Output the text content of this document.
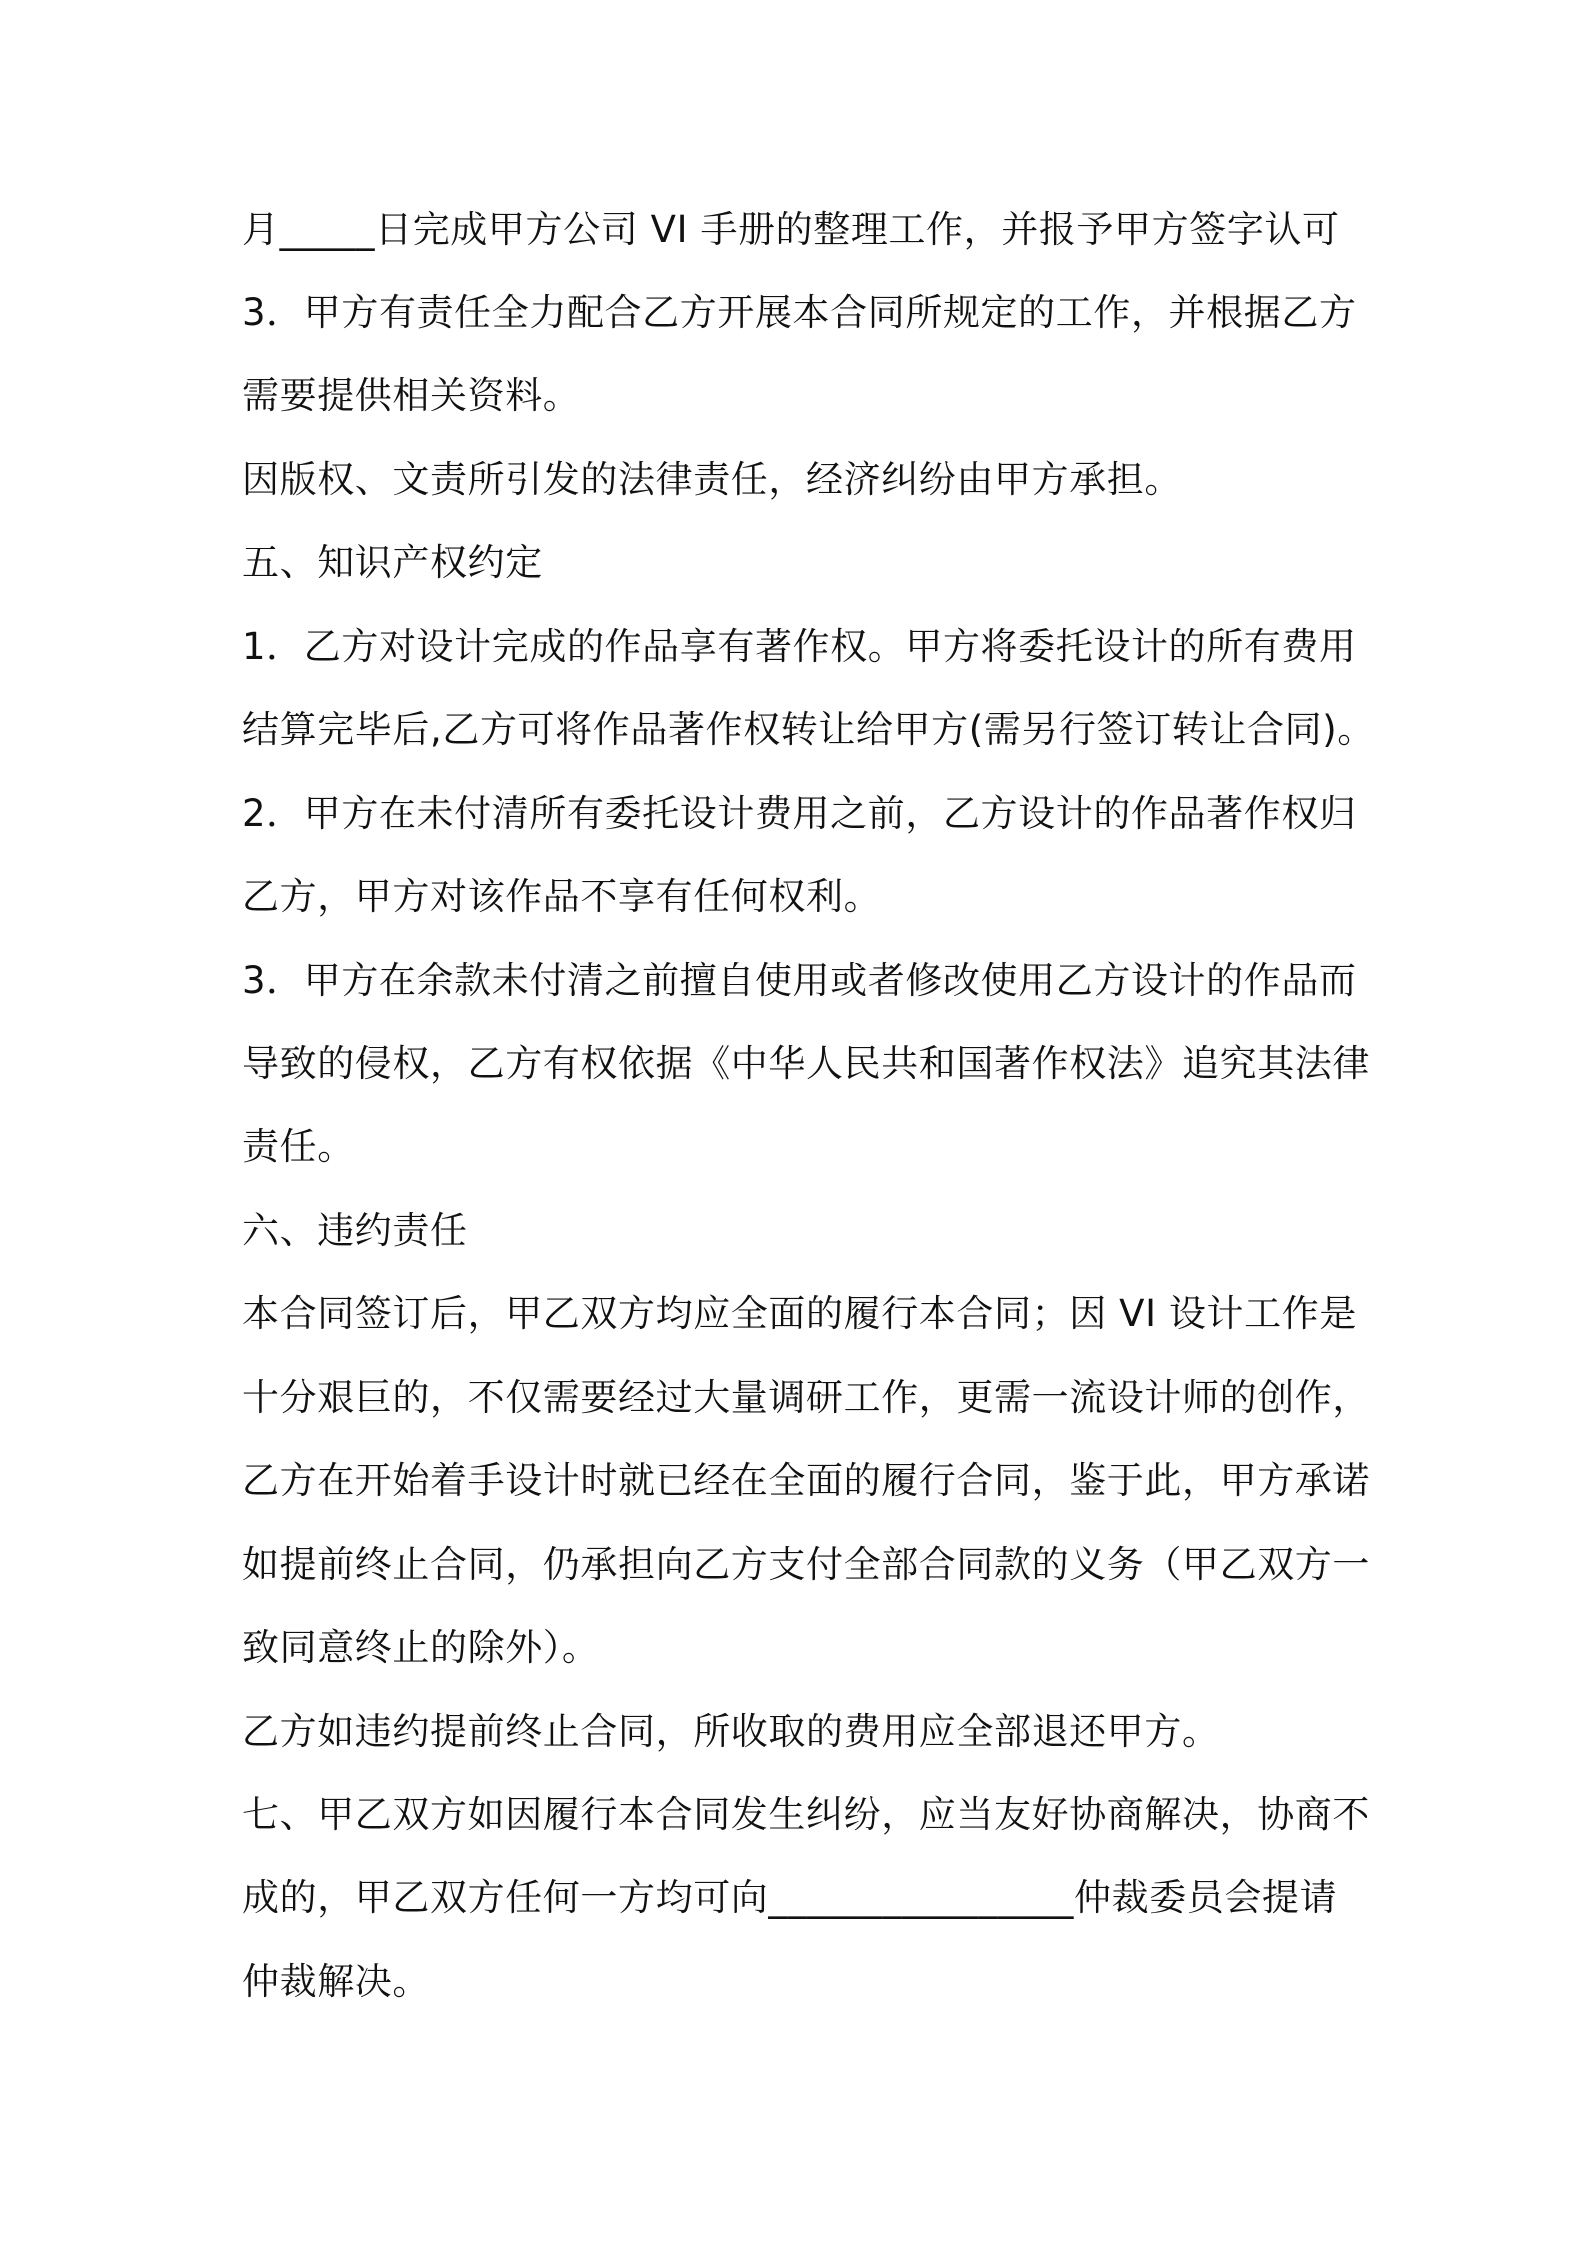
月_____日完成甲方公司 VI 手册的整理工作，并报予甲方签字认可
3．甲方有责任全力配合乙方开展本合同所规定的工作，并根据乙方
需要提供相关资料。
因版权、文责所引发的法律责任，经济纠纷由甲方承担。
五、知识产权约定
1．乙方对设计完成的作品享有著作权。甲方将委托设计的所有费用
结算完毕后,乙方可将作品著作权转让给甲方(需另行签订转让合同)。
2．甲方在未付清所有委托设计费用之前，乙方设计的作品著作权归
乙方，甲方对该作品不享有任何权利。
3．甲方在余款未付清之前擅自使用或者修改使用乙方设计的作品而
导致的侵权，乙方有权依据《中华人民共和国著作权法》追究其法律
责任。
六、违约责任
本合同签订后，甲乙双方均应全面的履行本合同；因 VI 设计工作是
十分艰巨的，不仅需要经过大量调研工作，更需一流设计师的创作，
乙方在开始着手设计时就已经在全面的履行合同，鉴于此，甲方承诺
如提前终止合同，仍承担向乙方支付全部合同款的义务（甲乙双方一
致同意终止的除外）。
乙方如违约提前终止合同，所收取的费用应全部退还甲方。
七、甲乙双方如因履行本合同发生纠纷，应当友好协商解决，协商不
成的，甲乙双方任何一方均可向________________仲裁委员会提请
仲裁解决。
